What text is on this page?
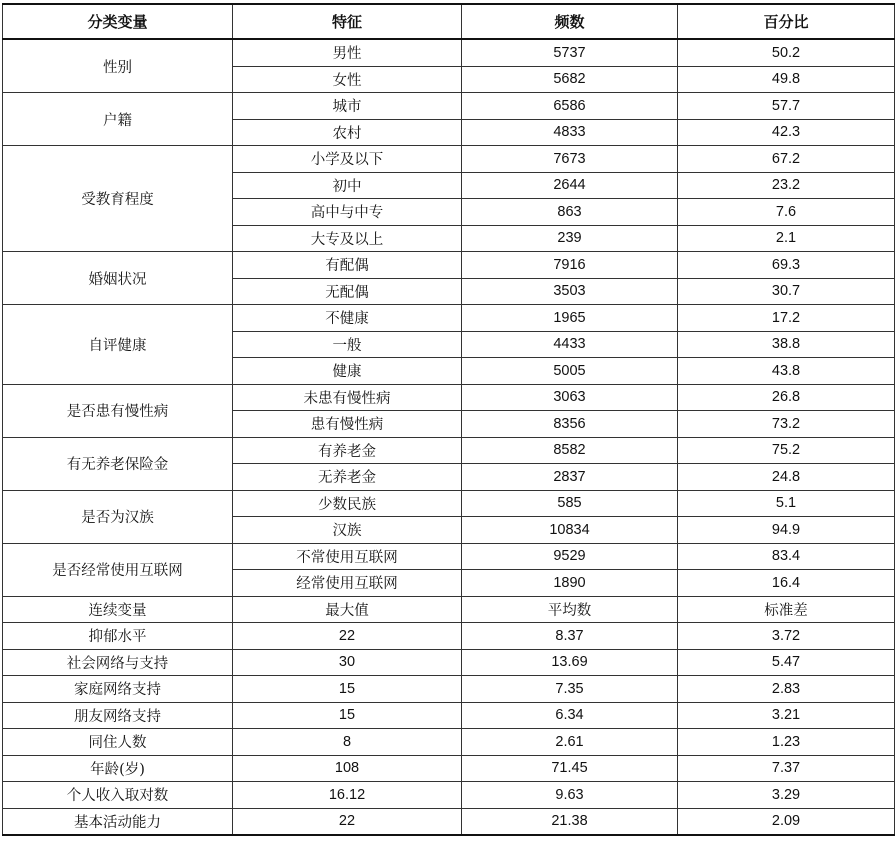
分类变量	特征	频数	百分比
性别	男性	5737	50.2
	女性	5682	49.8
户籍	城市	6586	57.7
	农村	4833	42.3
受教育程度	小学及以下	7673	67.2
	初中	2644	23.2
	高中与中专	863	7.6
	大专及以上	239	2.1
婚姻状况	有配偶	7916	69.3
	无配偶	3503	30.7
自评健康	不健康	1965	17.2
	一般	4433	38.8
	健康	5005	43.8
是否患有慢性病	未患有慢性病	3063	26.8
	患有慢性病	8356	73.2
有无养老保险金	有养老金	8582	75.2
	无养老金	2837	24.8
是否为汉族	少数民族	585	5.1
	汉族	10834	94.9
是否经常使用互联网	不常使用互联网	9529	83.4
	经常使用互联网	1890	16.4
连续变量	最大值	平均数	标准差
抑郁水平	22	8.37	3.72
社会网络与支持	30	13.69	5.47
家庭网络支持	15	7.35	2.83
朋友网络支持	15	6.34	3.21
同住人数	8	2.61	1.23
年龄(岁)	108	71.45	7.37
个人收入取对数	16.12	9.63	3.29
基本活动能力	22	21.38	2.09
